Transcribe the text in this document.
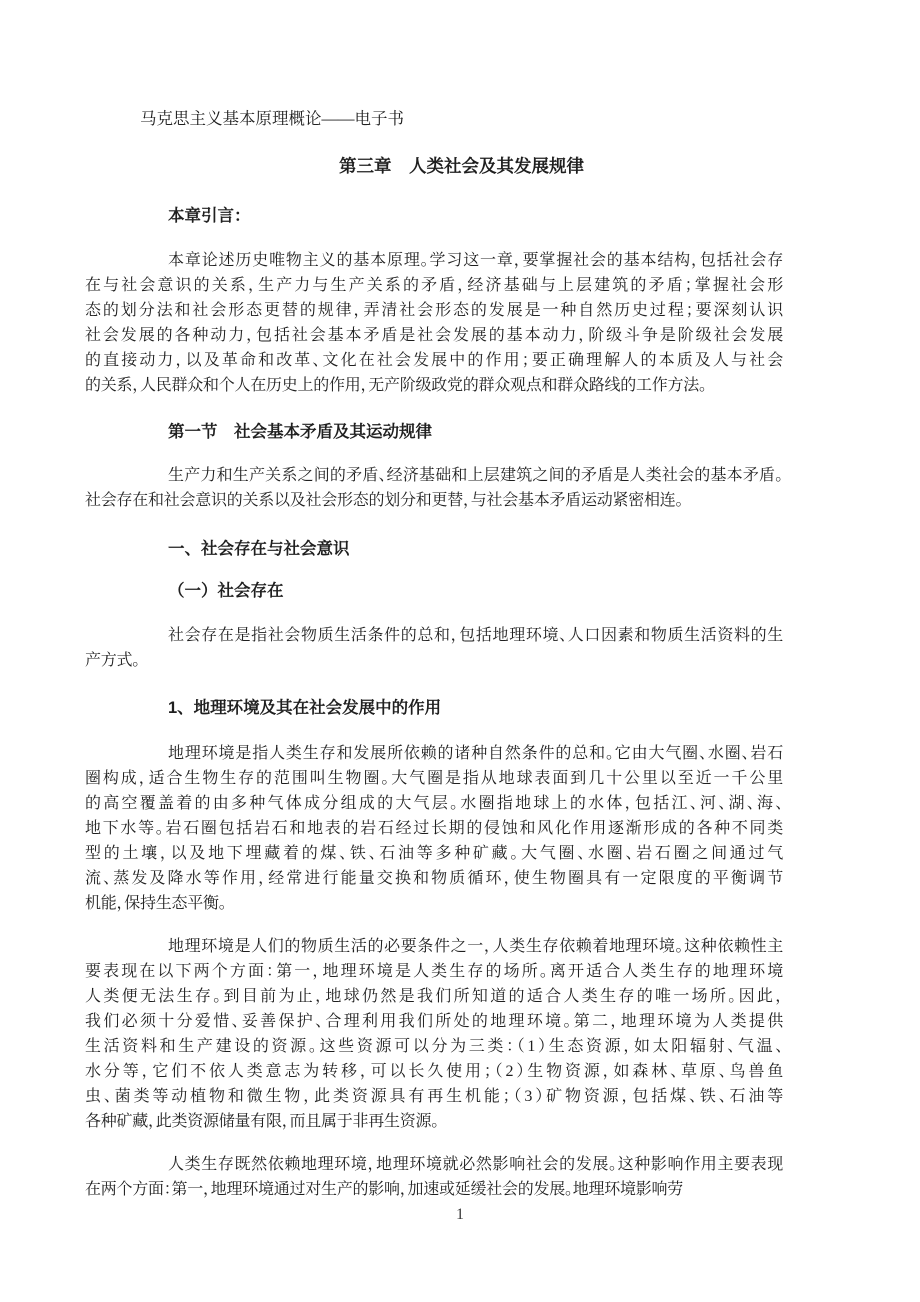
马克思主义基本原理概论——电子书
第三章　人类社会及其发展规律
本章引言：
本章论述历史唯物主义的基本原理。学习这一章，要掌握社会的基本结构，包括社会存
在与社会意识的关系，生产力与生产关系的矛盾，经济基础与上层建筑的矛盾；掌握社会形
态的划分法和社会形态更替的规律，弄清社会形态的发展是一种自然历史过程；要深刻认识
社会发展的各种动力，包括社会基本矛盾是社会发展的基本动力，阶级斗争是阶级社会发展
的直接动力，以及革命和改革、文化在社会发展中的作用；要正确理解人的本质及人与社会
的关系，人民群众和个人在历史上的作用，无产阶级政党的群众观点和群众路线的工作方法。
第一节　社会基本矛盾及其运动规律
生产力和生产关系之间的矛盾、经济基础和上层建筑之间的矛盾是人类社会的基本矛盾。
社会存在和社会意识的关系以及社会形态的划分和更替，与社会基本矛盾运动紧密相连。
一、社会存在与社会意识
（一）社会存在
社会存在是指社会物质生活条件的总和，包括地理环境、人口因素和物质生活资料的生
产方式。
1、地理环境及其在社会发展中的作用
地理环境是指人类生存和发展所依赖的诸种自然条件的总和。它由大气圈、水圈、岩石
圈构成，适合生物生存的范围叫生物圈。大气圈是指从地球表面到几十公里以至近一千公里
的高空覆盖着的由多种气体成分组成的大气层。水圈指地球上的水体，包括江、河、湖、海、
地下水等。岩石圈包括岩石和地表的岩石经过长期的侵蚀和风化作用逐渐形成的各种不同类
型的土壤，以及地下埋藏着的煤、铁、石油等多种矿藏。大气圈、水圈、岩石圈之间通过气
流、蒸发及降水等作用，经常进行能量交换和物质循环，使生物圈具有一定限度的平衡调节
机能，保持生态平衡。
地理环境是人们的物质生活的必要条件之一，人类生存依赖着地理环境。这种依赖性主
要表现在以下两个方面：第一，地理环境是人类生存的场所。离开适合人类生存的地理环境
人类便无法生存。到目前为止，地球仍然是我们所知道的适合人类生存的唯一场所。因此，
我们必须十分爱惜、妥善保护、合理利用我们所处的地理环境。第二，地理环境为人类提供
生活资料和生产建设的资源。这些资源可以分为三类：（1）生态资源，如太阳辐射、气温、
水分等，它们不依人类意志为转移，可以长久使用；（2）生物资源，如森林、草原、鸟兽鱼
虫、菌类等动植物和微生物，此类资源具有再生机能；（3）矿物资源，包括煤、铁、石油等
各种矿藏，此类资源储量有限，而且属于非再生资源。
人类生存既然依赖地理环境，地理环境就必然影响社会的发展。这种影响作用主要表现
在两个方面：第一，地理环境通过对生产的影响，加速或延缓社会的发展。地理环境影响劳
1
